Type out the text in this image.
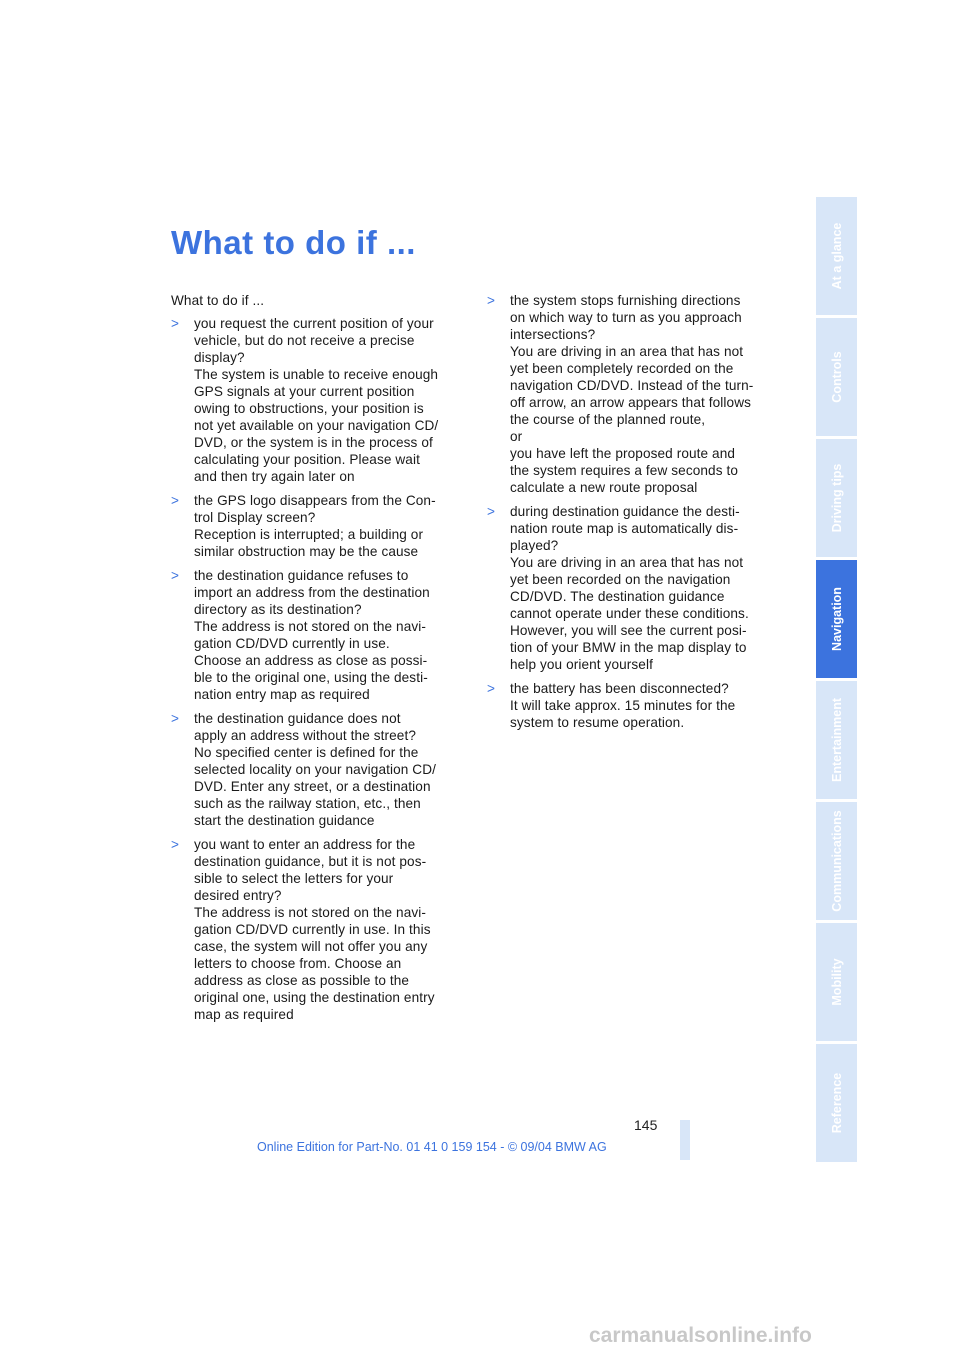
What to do if ...

What to do if ...

>	you request the current position of your
vehicle, but do not receive a precise
display?
The system is unable to receive enough
GPS signals at your current position
owing to obstructions, your position is
not yet available on your navigation CD/
DVD, or the system is in the process of
calculating your position. Please wait
and then try again later on
>	the GPS logo disappears from the Con-
trol Display screen?
Reception is interrupted; a building or
similar obstruction may be the cause
>	the destination guidance refuses to
import an address from the destination
directory as its destination?
The address is not stored on the navi-
gation CD/DVD currently in use.
Choose an address as close as possi-
ble to the original one, using the desti-
nation entry map as required
>	the destination guidance does not
apply an address without the street?
No specified center is defined for the
selected locality on your navigation CD/
DVD. Enter any street, or a destination
such as the railway station, etc., then
start the destination guidance
>	you want to enter an address for the
destination guidance, but it is not pos-
sible to select the letters for your
desired entry?
The address is not stored on the navi-
gation CD/DVD currently in use. In this
case, the system will not offer you any
letters to choose from. Choose an
address as close as possible to the
original one, using the destination entry
map as required
>	the system stops furnishing directions
on which way to turn as you approach
intersections?
You are driving in an area that has not
yet been completely recorded on the
navigation CD/DVD. Instead of the turn-
off arrow, an arrow appears that follows
the course of the planned route,
or
you have left the proposed route and
the system requires a few seconds to
calculate a new route proposal
>	during destination guidance the desti-
nation route map is automatically dis-
played?
You are driving in an area that has not
yet been recorded on the navigation
CD/DVD. The destination guidance
cannot operate under these conditions.
However, you will see the current posi-
tion of your BMW in the map display to
help you orient yourself
>	the battery has been disconnected?
It will take approx. 15 minutes for the
system to resume operation.
At a glance
Controls
Driving tips
Navigation
Entertainment
Communications
Mobility
Reference
145
Online Edition for Part-No. 01 41 0 159 154 - © 09/04 BMW AG
carmanualsonline.info
